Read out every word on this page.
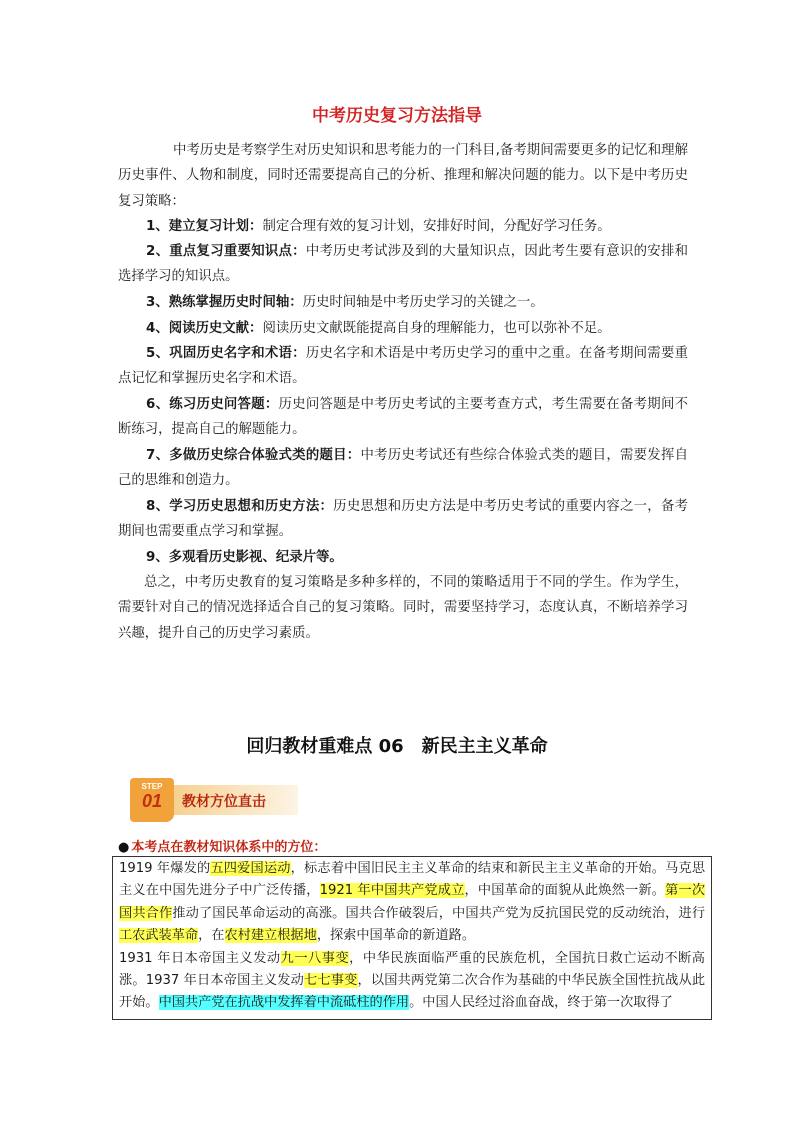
中考历史复习方法指导

中考历史是考察学生对历史知识和思考能力的一门科目,备考期间需要更多的记忆和理解历史事件、人物和制度，同时还需要提高自己的分析、推理和解决问题的能力。以下是中考历史复习策略：

1、建立复习计划：制定合理有效的复习计划，安排好时间，分配好学习任务。

2、重点复习重要知识点：中考历史考试涉及到的大量知识点，因此考生要有意识的安排和选择学习的知识点。

3、熟练掌握历史时间轴：历史时间轴是中考历史学习的关键之一。

4、阅读历史文献：阅读历史文献既能提高自身的理解能力，也可以弥补不足。

5、巩固历史名字和术语：历史名字和术语是中考历史学习的重中之重。在备考期间需要重点记忆和掌握历史名字和术语。

6、练习历史问答题：历史问答题是中考历史考试的主要考查方式，考生需要在备考期间不断练习，提高自己的解题能力。

7、多做历史综合体验式类的题目：中考历史考试还有些综合体验式类的题目，需要发挥自己的思维和创造力。

8、学习历史思想和历史方法：历史思想和历史方法是中考历史考试的重要内容之一，备考期间也需要重点学习和掌握。

9、多观看历史影视、纪录片等。

总之，中考历史教育的复习策略是多种多样的，不同的策略适用于不同的学生。作为学生，需要针对自己的情况选择适合自己的复习策略。同时，需要坚持学习，态度认真，不断培养学习兴趣，提升自己的历史学习素质。

回归教材重难点 06　新民主主义革命
教材方位直击
STEP
01
● 本考点在教材知识体系中的方位：
1919 年爆发的五四爱国运动，标志着中国旧民主主义革命的结束和新民主主义革命的开始。马克思主义在中国先进分子中广泛传播，1921 年中国共产党成立，中国革命的面貌从此焕然一新。第一次国共合作推动了国民革命运动的高涨。国共合作破裂后，中国共产党为反抗国民党的反动统治，进行工农武装革命，在农村建立根据地，探索中国革命的新道路。
1931 年日本帝国主义发动九一八事变，中华民族面临严重的民族危机，全国抗日救亡运动不断高涨。1937 年日本帝国主义发动七七事变，以国共两党第二次合作为基础的中华民族全国性抗战从此开始。中国共产党在抗战中发挥着中流砥柱的作用。中国人民经过浴血奋战，终于第一次取得了
